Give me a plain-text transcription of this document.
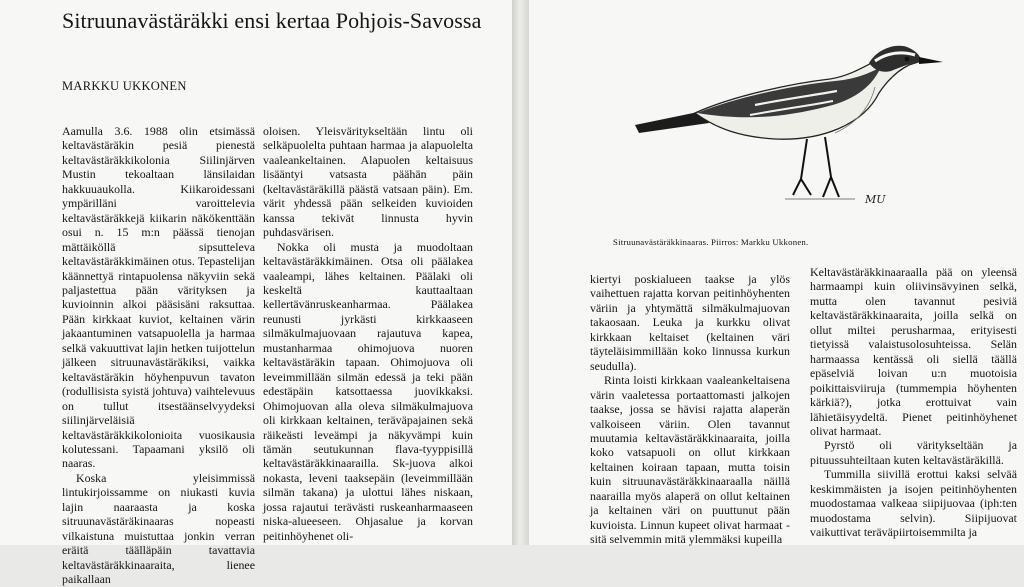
Sitruunavästäräkki ensi kertaa Pohjois-Savossa
MARKKU UKKONEN

Aamulla 3.6. 1988 olin etsimässä keltavästäräkin pesiä pienestä keltavästäräkkikolonia Siilinjärven Mustin tekoaltaan länsilaidan hakkuuaukolla. Kiikaroidessani ympärilläni varoittelevia keltavästäräkkejä kiikarin näkökenttään osui n. 15 m:n päässä tienojan mättäiköllä sipsutteleva keltavästäräkkimäinen otus. Tepastelijan käännettyä rintapuolensa näkyviin sekä paljastettua pään värityksen ja kuvioinnin alkoi pääsisäni raksuttaa. Pään kirkkaat kuviot, keltainen värin jakaantuminen vatsapuolella ja harmaa selkä vakuuttivat lajin hetken tuijottelun jälkeen sitruunavästäräkiksi, vaikka keltavästäräkin höyhenpuvun tavaton (rodullisista syistä johtuva) vaihtelevuus on tullut itsestäänselvyydeksi siilinjärveläisiä keltavästäräkkikolonioita vuosikausia kolutessani. Tapaamani yksilö oli naaras.

Koska yleisimmissä lintukirjoissamme on niukasti kuvia lajin naaraasta ja koska sitruunavästäräkinaaras nopeasti vilkaistuna muistuttaa jonkin verran eräitä täälläpäin tavattavia keltavästäräkkinaaraita, lienee paikallaan

oloisen. Yleisväritykseltään lintu oli selkäpuolelta puhtaan harmaa ja alapuolelta vaaleankeltainen. Alapuolen keltaisuus lisääntyi vatsasta päähän päin (keltavästäräkillä päästä vatsaan päin). Em. värit yhdessä pään selkeiden kuvioiden kanssa tekivät linnusta hyvin puhdasvärisen.

Nokka oli musta ja muodoltaan keltavästäräkkimäinen. Otsa oli päälakea vaaleampi, lähes keltainen. Päälaki oli keskeltä kauttaaltaan kellertävänruskeanharmaa. Päälakea reunusti jyrkästi kirkkaaseen silmäkulmajuovaan rajautuva kapea, mustanharmaa ohimojuova nuoren keltavästäräkin tapaan. Ohimojuova oli leveimmillään silmän edessä ja teki pään edestäpäin katsottaessa juovikkaksi. Ohimojuovan alla oleva silmäkulmajuova oli kirkkaan keltainen, teräväрajainen sekä räikeästi leveämpi ja näkyvämpi kuin tämän seutukunnan flava-tyyppisillä keltavästäräkkinaarailla. Sk-juova alkoi nokasta, leveni taaksepäin (leveimmillään silmän takana) ja ulottui lähes niskaan, jossa rajautui terävästi ruskeanharmaaseen niska-alueeseen. Ohjasalue ja korvan peitinhöyhenet oli-

MU
Sitruunavästäräkkinaaras. Piirros: Markku Ukkonen.

kiertyi poskialueen taakse ja ylös vaihettuen rajatta korvan peitinhöyhenten väriin ja yhtymättä silmäkulmajuovan takaosaan. Leuka ja kurkku olivat kirkkaan keltaiset (keltainen väri täyteläisimmillään koko linnussa kurkun seudulla).

Rinta loisti kirkkaan vaaleankeltaisena värin vaaletessa portaattomasti jalkojen taakse, jossa se hävisi rajatta alaperän valkoiseen väriin. Olen tavannut muutamia keltavästäräkkinaaraita, joilla koko vatsapuoli on ollut kirkkaan keltainen koiraan tapaan, mutta toisin kuin sitruunavästäräkkinaaraalla näillä naarailla myös alaperä on ollut keltainen ja keltainen väri on puuttunut pään kuvioista. Linnun kupeet olivat harmaat - sitä selvemmin mitä ylemmäksi kupeilla

Keltavästäräkkinaaraalla pää on yleensä harmaampi kuin oliivinsävyinen selkä, mutta olen tavannut pesiviä keltavästäräkkinaaraita, joilla selkä on ollut miltei perusharmaa, erityisesti tietyissä valaistusolosuhteissa. Selän harmaassa kentässä oli siellä täällä epäselviä loivan u:n muotoisia poikittaisviiruja (tummempia höyhenten kärkiä?), jotka erottuivat vain lähietäisyydeltä. Pienet peitinhöyhenet olivat harmaat.

Pyrstö oli väritykseltään ja pituussuhteiltaan kuten keltavästäräkillä.

Tummilla siivillä erottui kaksi selvää keskimmäisten ja isojen peitinhöyhenten muodostamaa valkeaa siipijuovaa (iph:ten muodostama selvin). Siipijuovat vaikuttivat teräväpiirtoisemmilta ja
